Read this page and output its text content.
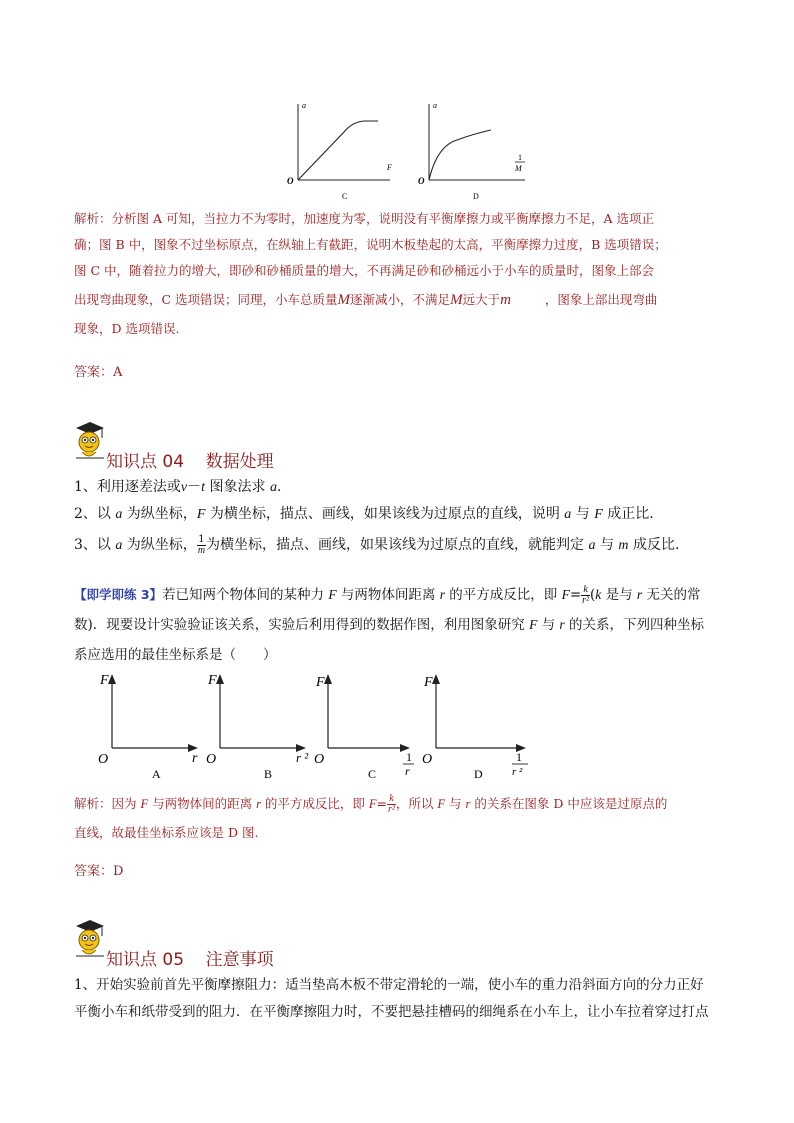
a
F
O
C
a
1
M
O
D
解析：分析图 A 可知，当拉力不为零时，加速度为零，说明没有平衡摩擦力或平衡摩擦力不足，A 选项正
确；图 B 中，图象不过坐标原点，在纵轴上有截距，说明木板垫起的太高，平衡摩擦力过度，B 选项错误；
图 C 中，随着拉力的增大，即砂和砂桶质量的增大，不再满足砂和砂桶远小于小车的质量时，图象上部会
出现弯曲现象，C 选项错误；同理，小车总质量M逐渐减小，不满足M远大于m	，图象上部出现弯曲
现象，D 选项错误.
答案：A
知识点 04    数据处理
1、利用逐差法或v－t 图象法求 a.
2、以 a 为纵坐标，F 为横坐标，描点、画线，如果该线为过原点的直线，说明 a 与 F 成正比.
3、以 a 为纵坐标， $\frac{1}{m}$ 为横坐标，描点、画线，如果该线为过原点的直线，就能判定 a 与 m 成反比.
【即学即练 3】若已知两个物体间的某种力 F 与两物体间距离 r 的平方成反比，即 $F= \frac{k}{\text{r²}} (k$ 是与 r 无关的常
数)．现要设计实验验证该关系，实验后利用得到的数据作图，利用图象研究 F 与 r 的关系，下列四种坐标
系应选用的最佳坐标系是（　　）
F
O	r
A
F
O	r ²
B
F
O	1
r
C
F
O	1
r ²
D
解析：因为 F 与两物体间的距离 r 的平方成反比，即 $F= \frac{k}{\text{r²}}$ ，所以 F 与 r 的关系在图象 D 中应该是过原点的
直线，故最佳坐标系应该是 D 图.
答案：D
知识点 05    注意事项
1、开始实验前首先平衡摩擦阻力：适当垫高木板不带定滑轮的一端，使小车的重力沿斜面方向的分力正好
平衡小车和纸带受到的阻力．在平衡摩擦阻力时，不要把悬挂槽码的细绳系在小车上，让小车拉着穿过打点
